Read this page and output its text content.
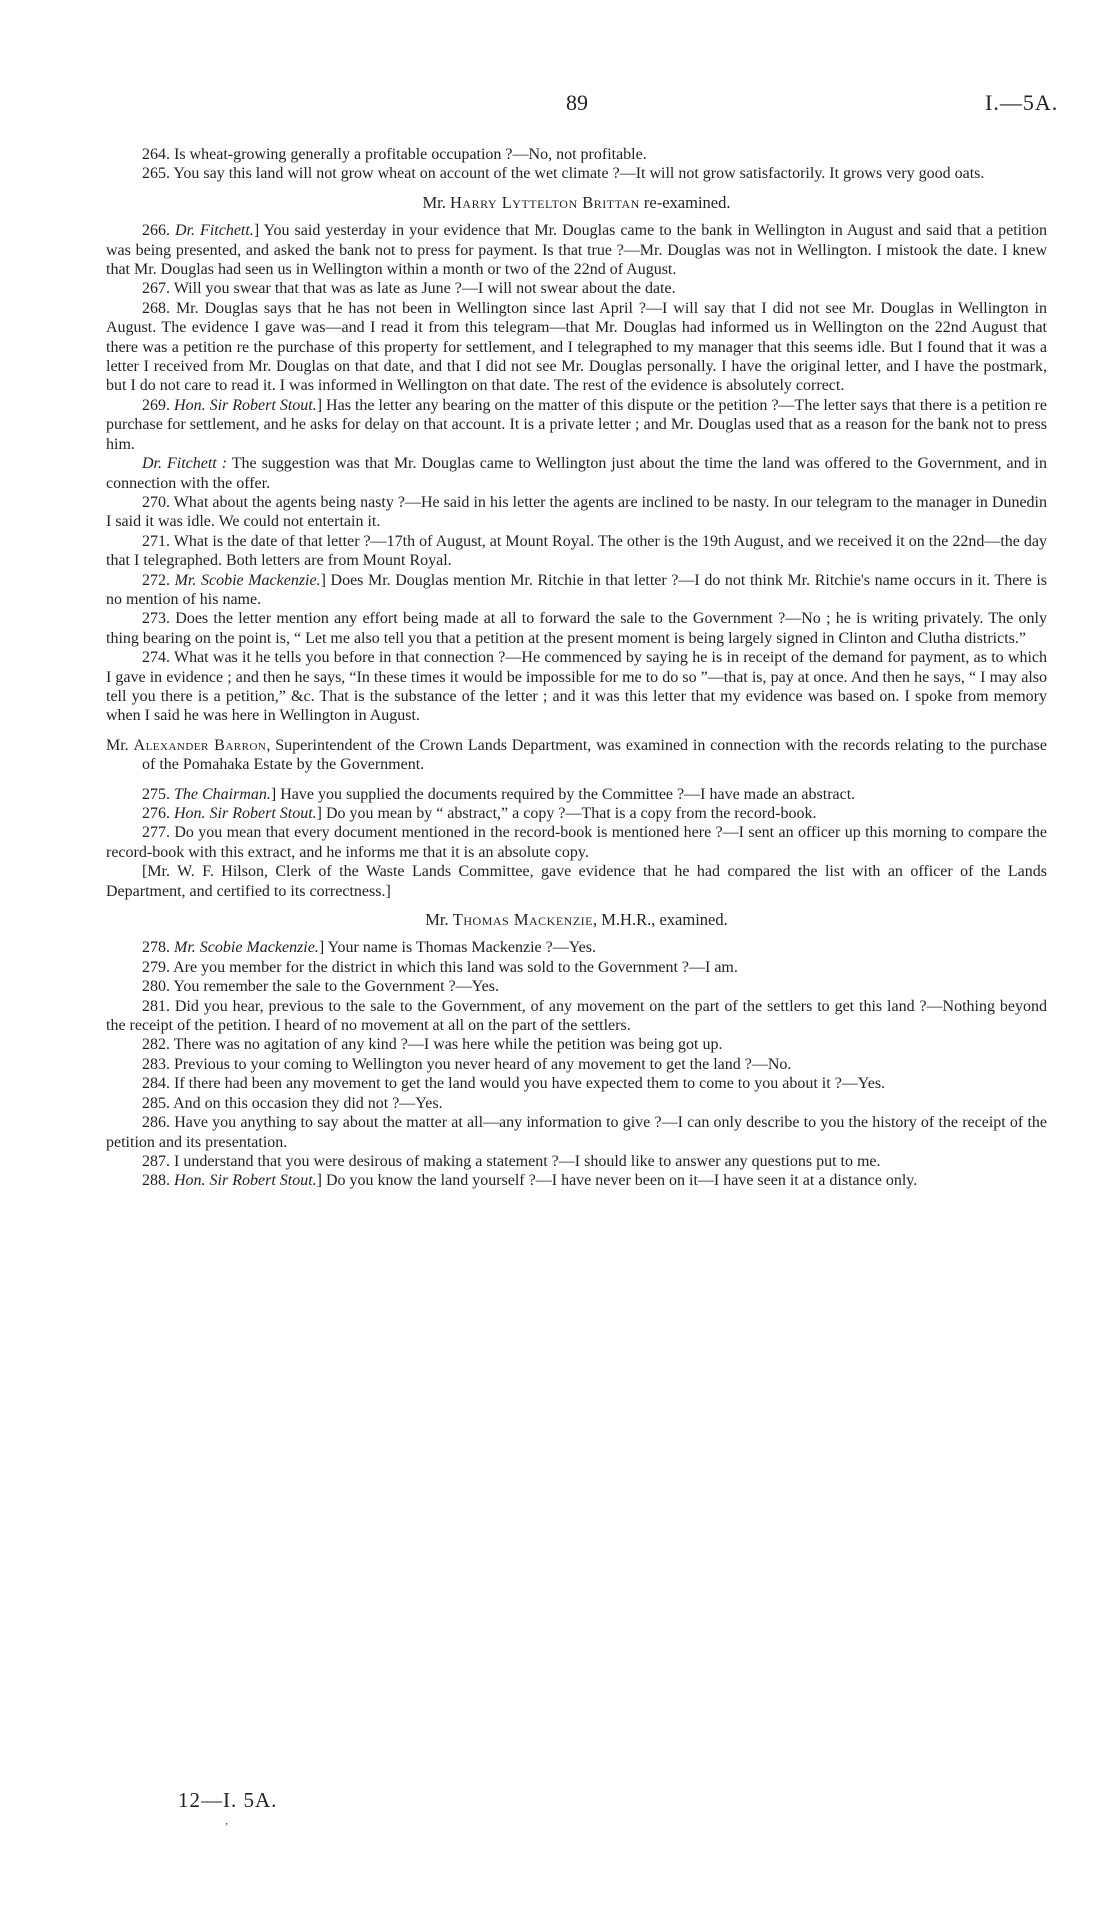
89	I.—5A.

264. Is wheat-growing generally a profitable occupation ?—No, not profitable.

265. You say this land will not grow wheat on account of the wet climate ?—It will not grow satisfactorily. It grows very good oats.

Mr. Harry Lyttelton Brittan re-examined.

266. Dr. Fitchett.] You said yesterday in your evidence that Mr. Douglas came to the bank in Wellington in August and said that a petition was being presented, and asked the bank not to press for payment. Is that true ?—Mr. Douglas was not in Wellington. I mistook the date. I knew that Mr. Douglas had seen us in Wellington within a month or two of the 22nd of August.

267. Will you swear that that was as late as June ?—I will not swear about the date.

268. Mr. Douglas says that he has not been in Wellington since last April ?—I will say that I did not see Mr. Douglas in Wellington in August. The evidence I gave was—and I read it from this telegram—that Mr. Douglas had informed us in Wellington on the 22nd August that there was a petition re the purchase of this property for settlement, and I telegraphed to my manager that this seems idle. But I found that it was a letter I received from Mr. Douglas on that date, and that I did not see Mr. Douglas personally. I have the original letter, and I have the postmark, but I do not care to read it. I was informed in Wellington on that date. The rest of the evidence is absolutely correct.

269. Hon. Sir Robert Stout.] Has the letter any bearing on the matter of this dispute or the petition ?—The letter says that there is a petition re purchase for settlement, and he asks for delay on that account. It is a private letter ; and Mr. Douglas used that as a reason for the bank not to press him.

Dr. Fitchett : The suggestion was that Mr. Douglas came to Wellington just about the time the land was offered to the Government, and in connection with the offer.

270. What about the agents being nasty ?—He said in his letter the agents are inclined to be nasty. In our telegram to the manager in Dunedin I said it was idle. We could not entertain it.

271. What is the date of that letter ?—17th of August, at Mount Royal. The other is the 19th August, and we received it on the 22nd—the day that I telegraphed. Both letters are from Mount Royal.

272. Mr. Scobie Mackenzie.] Does Mr. Douglas mention Mr. Ritchie in that letter ?—I do not think Mr. Ritchie's name occurs in it. There is no mention of his name.

273. Does the letter mention any effort being made at all to forward the sale to the Government ?—No ; he is writing privately. The only thing bearing on the point is, “ Let me also tell you that a petition at the present moment is being largely signed in Clinton and Clutha districts.”

274. What was it he tells you before in that connection ?—He commenced by saying he is in receipt of the demand for payment, as to which I gave in evidence ; and then he says, “In these times it would be impossible for me to do so ”—that is, pay at once. And then he says, “ I may also tell you there is a petition,” &c. That is the substance of the letter ; and it was this letter that my evidence was based on. I spoke from memory when I said he was here in Wellington in August.

Mr. Alexander Barron, Superintendent of the Crown Lands Department, was examined in connection with the records relating to the purchase of the Pomahaka Estate by the Government.

275. The Chairman.] Have you supplied the documents required by the Committee ?—I have made an abstract.

276. Hon. Sir Robert Stout.] Do you mean by “ abstract,” a copy ?—That is a copy from the record-book.

277. Do you mean that every document mentioned in the record-book is mentioned here ?—I sent an officer up this morning to compare the record-book with this extract, and he informs me that it is an absolute copy.

[Mr. W. F. Hilson, Clerk of the Waste Lands Committee, gave evidence that he had compared the list with an officer of the Lands Department, and certified to its correctness.]

Mr. Thomas Mackenzie, M.H.R., examined.

278. Mr. Scobie Mackenzie.] Your name is Thomas Mackenzie ?—Yes.

279. Are you member for the district in which this land was sold to the Government ?—I am.

280. You remember the sale to the Government ?—Yes.

281. Did you hear, previous to the sale to the Government, of any movement on the part of the settlers to get this land ?—Nothing beyond the receipt of the petition. I heard of no movement at all on the part of the settlers.

282. There was no agitation of any kind ?—I was here while the petition was being got up.

283. Previous to your coming to Wellington you never heard of any movement to get the land ?—No.

284. If there had been any movement to get the land would you have expected them to come to you about it ?—Yes.

285. And on this occasion they did not ?—Yes.

286. Have you anything to say about the matter at all—any information to give ?—I can only describe to you the history of the receipt of the petition and its presentation.

287. I understand that you were desirous of making a statement ?—I should like to answer any questions put to me.

288. Hon. Sir Robert Stout.] Do you know the land yourself ?—I have never been on it—I have seen it at a distance only.

12—I. 5A.
’
